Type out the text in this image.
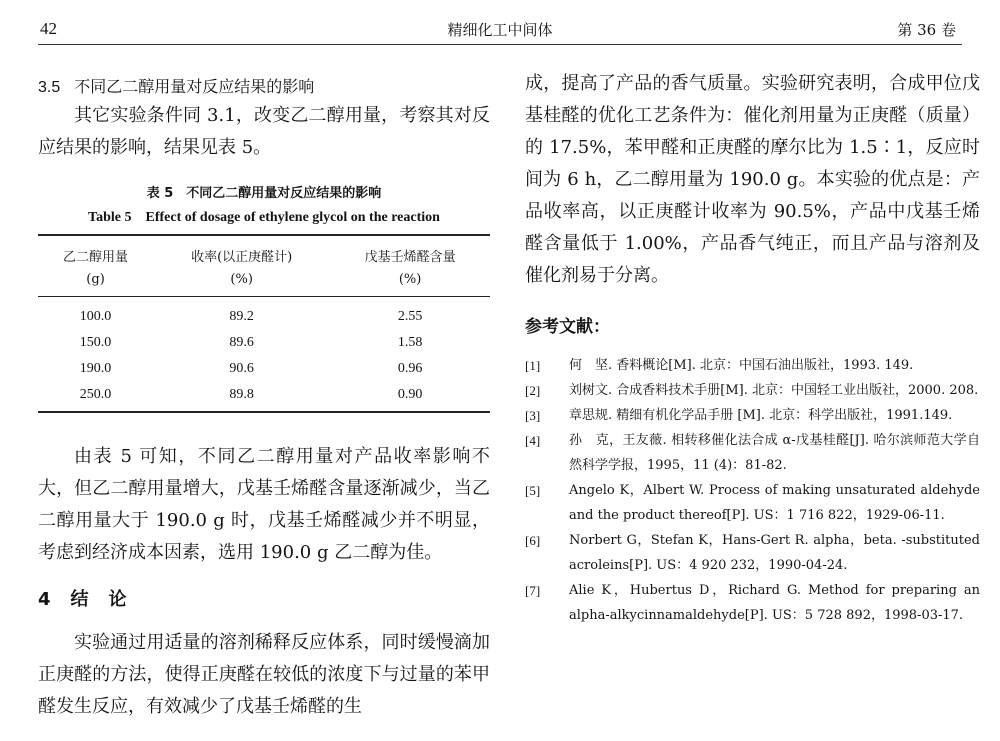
42	精细化工中间体	第 36 卷
3.5 不同乙二醇用量对反应结果的影响

其它实验条件同 3.1，改变乙二醇用量，考察其对反应结果的影响，结果见表 5。

表 5　不同乙二醇用量对反应结果的影响
Table 5　Effect of dosage of ethylene glycol on the reaction
乙二醇用量	收率(以正庚醛计)	戊基壬烯醛含量
(g)	(%)	(%)
100.0	89.2	2.55
150.0	89.6	1.58
190.0	90.6	0.96
250.0	89.8	0.90

由表 5 可知，不同乙二醇用量对产品收率影响不大，但乙二醇用量增大，戊基壬烯醛含量逐渐减少，当乙二醇用量大于 190.0 g 时，戊基壬烯醛减少并不明显，考虑到经济成本因素，选用 190.0 g 乙二醇为佳。

4 结论

实验通过用适量的溶剂稀释反应体系，同时缓慢滴加正庚醛的方法，使得正庚醛在较低的浓度下与过量的苯甲醛发生反应，有效减少了戊基壬烯醛的生

成，提高了产品的香气质量。实验研究表明，合成甲位戊基桂醛的优化工艺条件为：催化剂用量为正庚醛（质量）的 17.5%，苯甲醛和正庚醛的摩尔比为 1.5∶1，反应时间为 6 h，乙二醇用量为 190.0 g。本实验的优点是：产品收率高，以正庚醛计收率为 90.5%，产品中戊基壬烯醛含量低于 1.00%，产品香气纯正，而且产品与溶剂及催化剂易于分离。

参考文献：
[1]	何　坚. 香料概论[M]. 北京：中国石油出版社，1993. 149.
[2]	刘树文. 合成香料技术手册[M]. 北京：中国轻工业出版社，2000. 208.
[3]	章思规. 精细有机化学品手册 [M]. 北京：科学出版社，1991.149.
[4]	孙　克，王友薇. 相转移催化法合成 α-戊基桂醛[J]. 哈尔滨师范大学自然科学学报，1995，11 (4)：81-82.
[5]	Angelo K，Albert W. Process of making unsaturated aldehyde and the product thereof[P]. US：1 716 822，1929-06-11.
[6]	Norbert G，Stefan K，Hans-Gert R. alpha，beta. -substituted acroleins[P]. US：4 920 232，1990-04-24.
[7]	Alie K，Hubertus D，Richard G. Method for preparing an alpha-alkycinnamaldehyde[P]. US：5 728 892，1998-03-17.
